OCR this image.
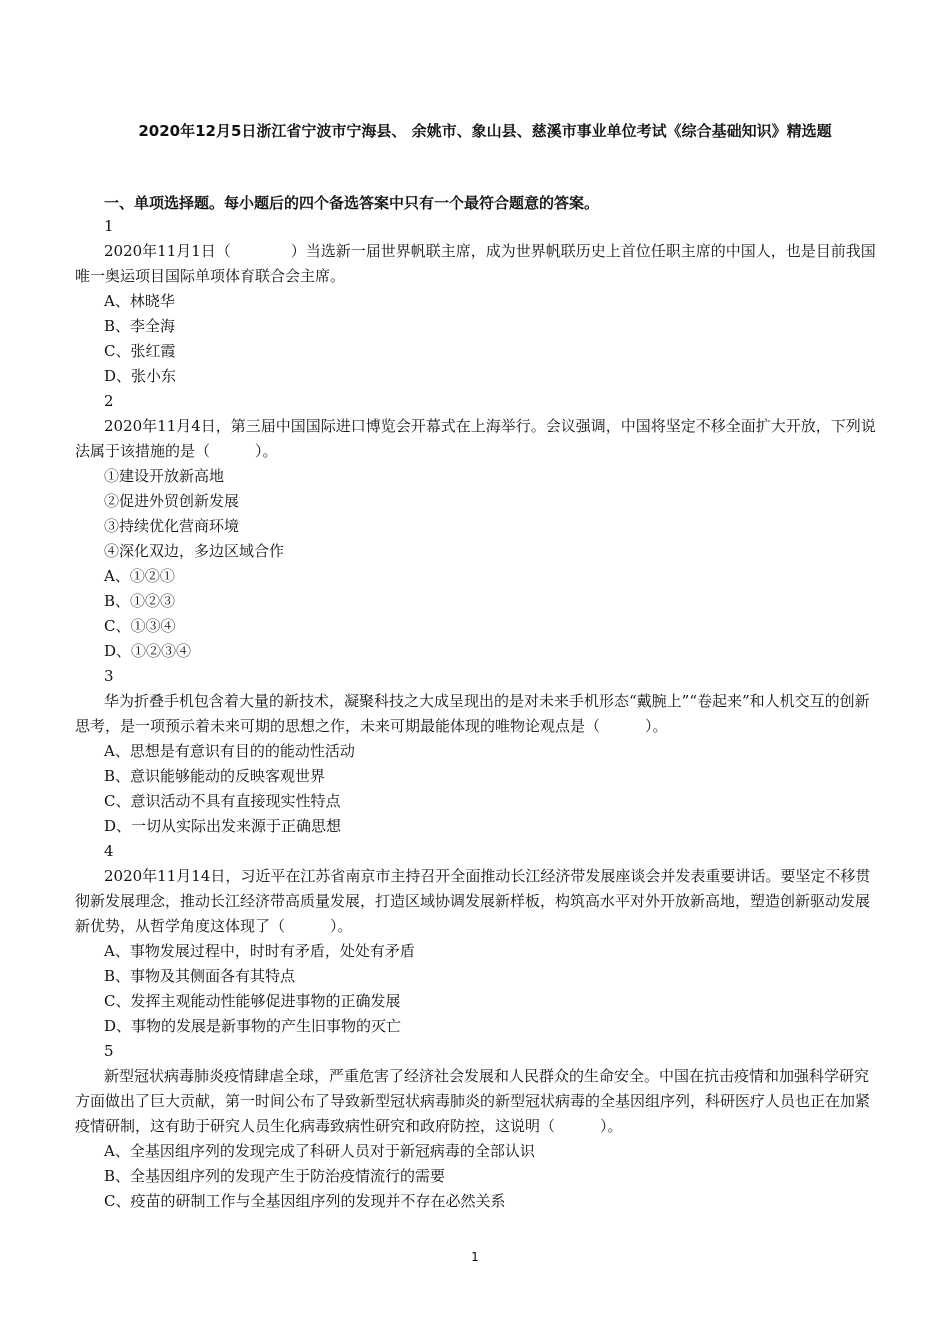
2020年12月5日浙江省宁波市宁海县、 余姚市、象山县、慈溪市事业单位考试《综合基础知识》精选题
一、单项选择题。每小题后的四个备选答案中只有一个最符合题意的答案。
1
2020年11月1日（　　　　）当选新一届世界帆联主席，成为世界帆联历史上首位任职主席的中国人，也是目前我国唯一奥运项目国际单项体育联合会主席。
A、林晓华
B、李全海
C、张红霞
D、张小东
2
2020年11月4日，第三届中国国际进口博览会开幕式在上海举行。会议强调，中国将坚定不移全面扩大开放，下列说法属于该措施的是（　　　）。
①建设开放新高地
②促进外贸创新发展
③持续优化营商环境
④深化双边，多边区域合作
A、①②①
B、①②③
C、①③④
D、①②③④
3
华为折叠手机包含着大量的新技术，凝聚科技之大成呈现出的是对未来手机形态“戴腕上”“卷起来”和人机交互的创新思考，是一项预示着未来可期的思想之作，未来可期最能体现的唯物论观点是（　　　）。
A、思想是有意识有目的的能动性活动
B、意识能够能动的反映客观世界
C、意识活动不具有直接现实性特点
D、一切从实际出发来源于正确思想
4
2020年11月14日，习近平在江苏省南京市主持召开全面推动长江经济带发展座谈会并发表重要讲话。要坚定不移贯彻新发展理念，推动长江经济带高质量发展，打造区域协调发展新样板，构筑高水平对外开放新高地，塑造创新驱动发展新优势，从哲学角度这体现了（　　　）。
A、事物发展过程中，时时有矛盾，处处有矛盾
B、事物及其侧面各有其特点
C、发挥主观能动性能够促进事物的正确发展
D、事物的发展是新事物的产生旧事物的灭亡
5
新型冠状病毒肺炎疫情肆虐全球，严重危害了经济社会发展和人民群众的生命安全。中国在抗击疫情和加强科学研究方面做出了巨大贡献，第一时间公布了导致新型冠状病毒肺炎的新型冠状病毒的全基因组序列，科研医疗人员也正在加紧疫情研制，这有助于研究人员生化病毒致病性研究和政府防控，这说明（　　　）。
A、全基因组序列的发现完成了科研人员对于新冠病毒的全部认识
B、全基因组序列的发现产生于防治疫情流行的需要
C、疫苗的研制工作与全基因组序列的发现并不存在必然关系
1
